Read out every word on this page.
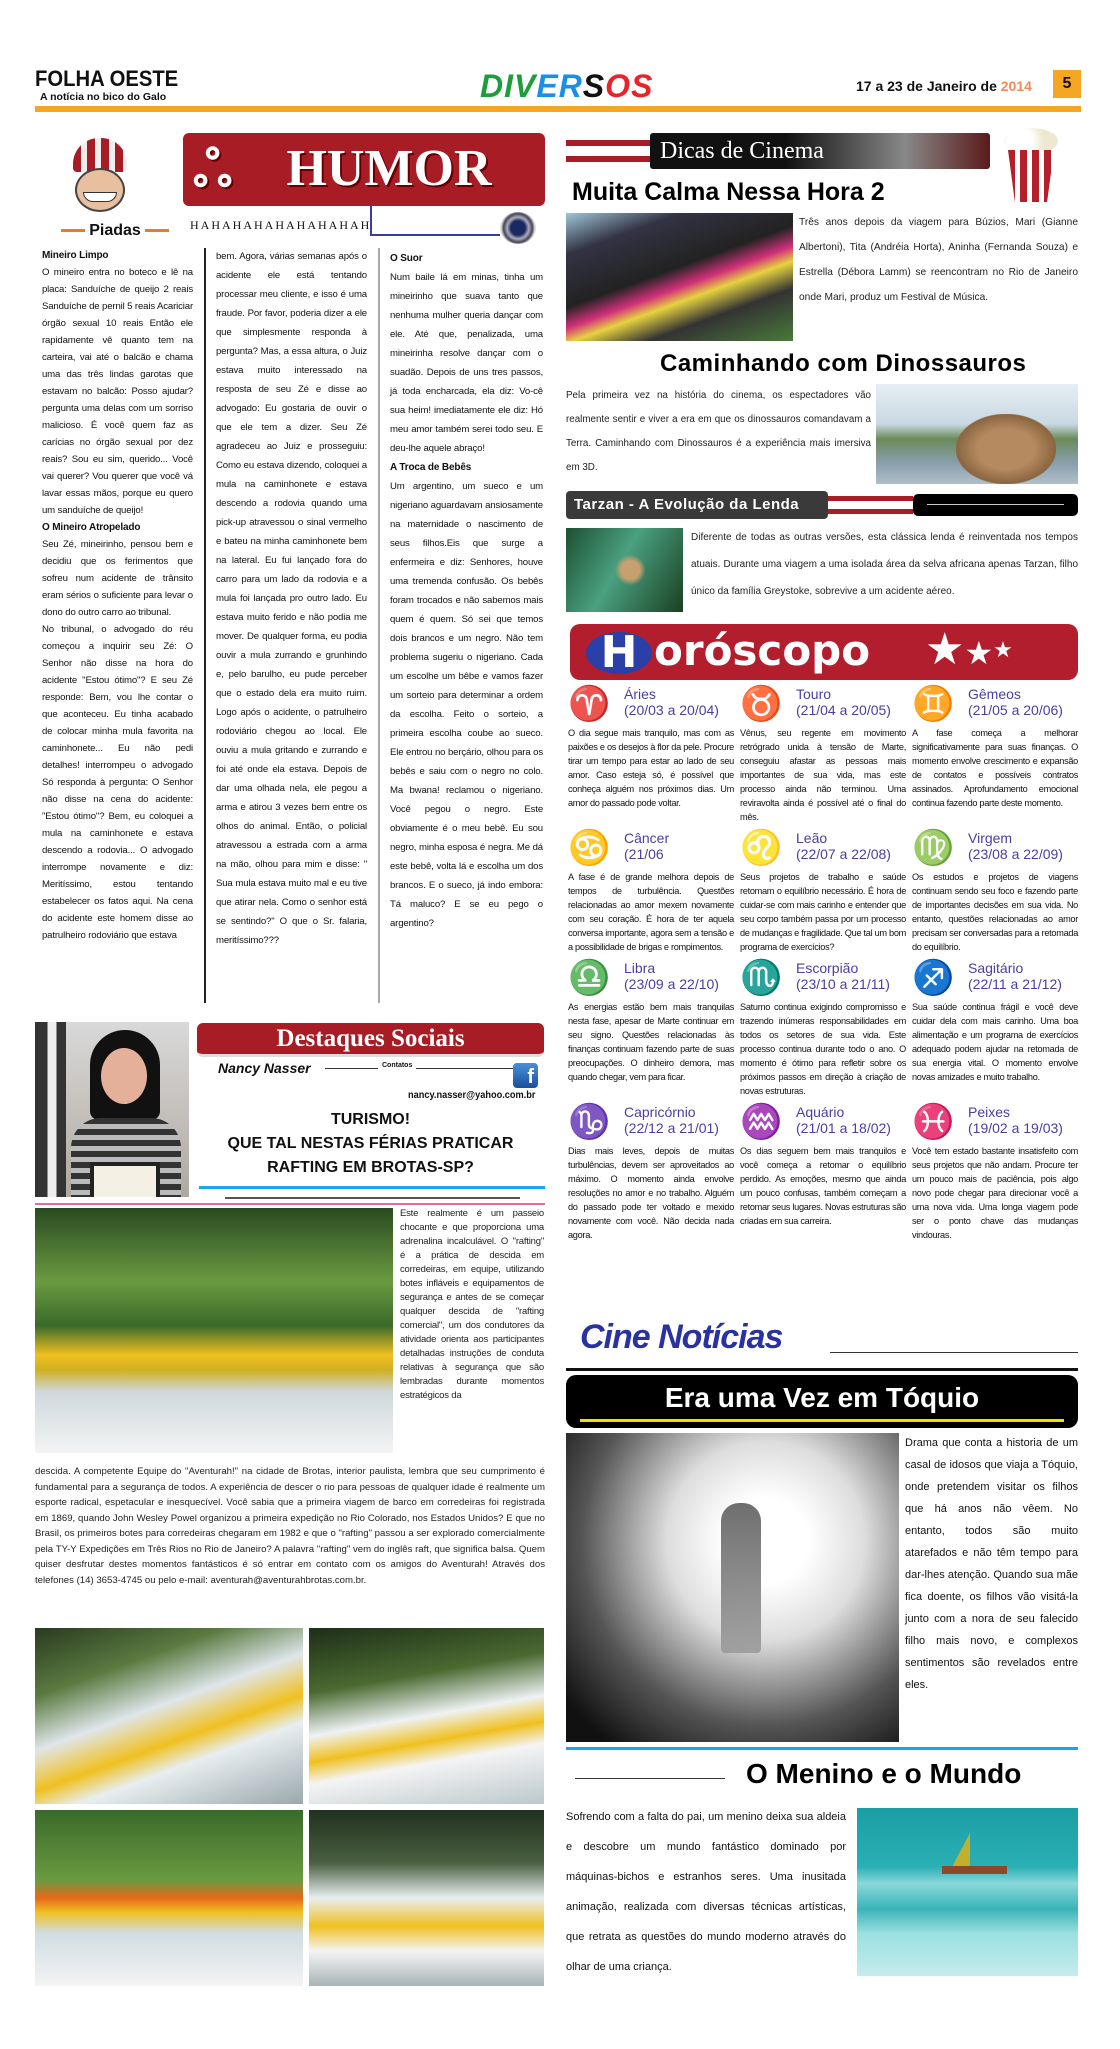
FOLHA OESTE
A notícia no bico do Galo	DIVERSOS	17 a 23 de Janeiro de 2014	5
Piadas
ஃ HUMOR
HAHAHAHAHAHAHAHAH
Mineiro Limpo

O mineiro entra no boteco e lê na placa: Sanduíche de queijo 2 reais Sanduíche de pernil 5 reais Acariciar órgão sexual 10 reais Então ele rapidamente vê quanto tem na carteira, vai até o balcão e chama uma das três lindas garotas que estavam no balcão: Posso ajudar? pergunta uma delas com um sorriso malicioso. É você quem faz as carícias no órgão sexual por dez reais? Sou eu sim, querido... Você vai querer? Vou querer que você vá lavar essas mãos, porque eu quero um sanduíche de queijo!

O Mineiro Atropelado

Seu Zé, mineirinho, pensou bem e decidiu que os ferimentos que sofreu num acidente de trânsito eram sérios o suficiente para levar o dono do outro carro ao tribunal.

No tribunal, o advogado do réu começou a inquirir seu Zé: O Senhor não disse na hora do acidente "Estou ótimo"? E seu Zé responde: Bem, vou lhe contar o que aconteceu. Eu tinha acabado de colocar minha mula favorita na caminhonete... Eu não pedi detalhes! interrompeu o advogado Só responda à pergunta: O Senhor não disse na cena do acidente: "Estou ótimo"? Bem, eu coloquei a mula na caminhonete e estava descendo a rodovia... O advogado interrompe novamente e diz: Meritíssimo, estou tentando estabelecer os fatos aqui. Na cena do acidente este homem disse ao patrulheiro rodoviário que estava

bem. Agora, várias semanas após o acidente ele está tentando processar meu cliente, e isso é uma fraude. Por favor, poderia dizer a ele que simplesmente responda à pergunta? Mas, a essa altura, o Juiz estava muito interessado na resposta de seu Zé e disse ao advogado: Eu gostaria de ouvir o que ele tem a dizer. Seu Zé agradeceu ao Juiz e prosseguiu: Como eu estava dizendo, coloquei a mula na caminhonete e estava descendo a rodovia quando uma pick-up atravessou o sinal vermelho e bateu na minha caminhonete bem na lateral. Eu fui lançado fora do carro para um lado da rodovia e a mula foi lançada pro outro lado. Eu estava muito ferido e não podia me mover. De qualquer forma, eu podia ouvir a mula zurrando e grunhindo e, pelo barulho, eu pude perceber que o estado dela era muito ruim. Logo após o acidente, o patrulheiro rodoviário chegou ao local. Ele ouviu a mula gritando e zurrando e foi até onde ela estava. Depois de dar uma olhada nela, ele pegou a arma e atirou 3 vezes bem entre os olhos do animal. Então, o policial atravessou a estrada com a arma na mão, olhou para mim e disse: " Sua mula estava muito mal e eu tive que atirar nela. Como o senhor está se sentindo?" O que o Sr. falaria, meritíssimo???

O Suor

Num baile lá em minas, tinha um mineirinho que suava tanto que nenhuma mulher queria dançar com ele. Até que, penalizada, uma mineirinha resolve dançar com o suadão. Depois de uns tres passos, já toda encharcada, ela diz: Vo-cê sua heim! imediatamente ele diz: Hó meu amor também serei todo seu. E deu-lhe aquele abraço!

A Troca de Bebês

Um argentino, um sueco e um nigeriano aguardavam ansiosamente na maternidade o nascimento de seus filhos.Eis que surge a enfermeira e diz: Senhores, houve uma tremenda confusão. Os bebês foram trocados e não sabemos mais quem é quem. Só sei que temos dois brancos e um negro. Não tem problema sugeriu o nigeriano. Cada um escolhe um bêbe e vamos fazer um sorteio para determinar a ordem da escolha. Feito o sorteio, a primeira escolha coube ao sueco. Ele entrou no berçário, olhou para os bebês e saiu com o negro no colo. Ma bwana! reclamou o nigeriano. Você pegou o negro. Este obviamente é o meu bebê. Eu sou negro, minha esposa é negra. Me dá este bebê, volta lá e escolha um dos brancos. E o sueco, já indo embora: Tá maluco? E se eu pego o argentino?

Dicas de Cinema
Muita Calma Nessa Hora 2
Três anos depois da viagem para Búzios, Mari (Gianne Albertoni), Tita (Andréia Horta), Aninha (Fernanda Souza) e Estrella (Débora Lamm) se reencontram no Rio de Janeiro onde Mari, produz um Festival de Música.
Caminhando com Dinossauros
Pela primeira vez na história do cinema, os espectadores vão realmente sentir e viver a era em que os dinossauros comandavam a Terra. Caminhando com Dinossauros é a experiência mais imersiva em 3D.
Tarzan - A Evolução da Lenda
Diferente de todas as outras versões, esta clássica lenda é reinventada nos tempos atuais. Durante uma viagem a uma isolada área da selva africana apenas Tarzan, filho único da família Greystoke, sobrevive a um acidente aéreo.
H oróscopo ★★★
♈ Áries
(20/03 a 20/04)
O dia segue mais tranquilo, mas com as paixões e os desejos à flor da pele. Procure tirar um tempo para estar ao lado de seu amor. Caso esteja só, é possível que conheça alguém nos próximos dias. Um amor do passado pode voltar.
♉ Touro
(21/04 a 20/05)
Vênus, seu regente em movimento retrógrado unida à tensão de Marte, conseguiu afastar as pessoas mais importantes de sua vida, mas este processo ainda não terminou. Uma reviravolta ainda é possível até o final do mês.
♊ Gêmeos
(21/05 a 20/06)
A fase começa a melhorar significativamente para suas finanças. O momento envolve crescimento e expansão de contatos e possíveis contratos assinados. Aprofundamento emocional continua fazendo parte deste momento.
♋ Câncer
(21/06
A fase é de grande melhora depois de tempos de turbulência. Questões relacionadas ao amor mexem novamente com seu coração. É hora de ter aquela conversa importante, agora sem a tensão e a possibilidade de brigas e rompimentos.
♌ Leão
(22/07 a 22/08)
Seus projetos de trabalho e saúde retomam o equilíbrio necessário. É hora de cuidar-se com mais carinho e entender que seu corpo também passa por um processo de mudanças e fragilidade. Que tal um bom programa de exercícios?
♍ Virgem
(23/08 a 22/09)
Os estudos e projetos de viagens continuam sendo seu foco e fazendo parte de importantes decisões em sua vida. No entanto, questões relacionadas ao amor precisam ser conversadas para a retomada do equilíbrio.
♎ Libra
(23/09 a 22/10)
As energias estão bem mais tranquilas nesta fase, apesar de Marte continuar em seu signo. Questões relacionadas às finanças continuam fazendo parte de suas preocupações. O dinheiro demora, mas quando chegar, vem para ficar.
♏ Escorpião
(23/10 a 21/11)
Saturno continua exigindo compromisso e trazendo inúmeras responsabilidades em todos os setores de sua vida. Este processo continua durante todo o ano. O momento é ótimo para refletir sobre os próximos passos em direção à criação de novas estruturas.
♐ Sagitário
(22/11 a 21/12)
Sua saúde continua frágil e você deve cuidar dela com mais carinho. Uma boa alimentação e um programa de exercícios adequado podem ajudar na retomada de sua energia vital. O momento envolve novas amizades e muito trabalho.
♑ Capricórnio
(22/12 a 21/01)
Dias mais leves, depois de muitas turbulências, devem ser aproveitados ao máximo. O momento ainda envolve resoluções no amor e no trabalho. Alguém do passado pode ter voltado e mexido novamente com você. Não decida nada agora.
♒ Aquário
(21/01 a 18/02)
Os dias seguem bem mais tranquilos e você começa a retomar o equilíbrio perdido. As emoções, mesmo que ainda um pouco confusas, também começam a retomar seus lugares. Novas estruturas são criadas em sua carreira.
♓ Peixes
(19/02 a 19/03)
Você tem estado bastante insatisfeito com seus projetos que não andam. Procure ter um pouco mais de paciência, pois algo novo pode chegar para direcionar você a uma nova vida. Uma longa viagem pode ser o ponto chave das mudanças vindouras.
Destaques Sociais
Nancy Nasser	Contatos
f
nancy.nasser@yahoo.com.br
TURISMO!
QUE TAL NESTAS FÉRIAS PRATICAR
RAFTING EM BROTAS-SP?
Este realmente é um passeio chocante e que proporciona uma adrenalina incalculável. O "rafting" é a prática de descida em corredeiras, em equipe, utilizando botes infláveis e equipamentos de segurança e antes de se começar qualquer descida de "rafting comercial", um dos condutores da atividade orienta aos participantes detalhadas instruções de conduta relativas à segurança que são lembradas durante momentos estratégicos da
descida. A competente Equipe do "Aventurah!" na cidade de Brotas, interior paulista, lembra que seu cumprimento é fundamental para a segurança de todos. A experiência de descer o rio para pessoas de qualquer idade é realmente um esporte radical, espetacular e inesquecível. Você sabia que a primeira viagem de barco em corredeiras foi registrada em 1869, quando John Wesley Powel organizou a primeira expedição no Rio Colorado, nos Estados Unidos? E que no Brasil, os primeiros botes para corredeiras chegaram em 1982 e que o "rafting" passou a ser explorado comercialmente pela TY-Y Expedições em Três Rios no Rio de Janeiro? A palavra "rafting" vem do inglês raft, que significa balsa. Quem quiser desfrutar destes momentos fantásticos é só entrar em contato com os amigos do Aventurah! Através dos telefones (14) 3653-4745 ou pelo e-mail: aventurah@aventurahbrotas.com.br.
Cine Notícias
Era uma Vez em Tóquio
Drama que conta a historia de um casal de idosos que viaja a Tóquio, onde pretendem visitar os filhos que há anos não vêem. No entanto, todos são muito atarefados e não têm tempo para dar-lhes atenção. Quando sua mãe fica doente, os filhos vão visitá-la junto com a nora de seu falecido filho mais novo, e complexos sentimentos são revelados entre eles.
O Menino e o Mundo
Sofrendo com a falta do pai, um menino deixa sua aldeia e descobre um mundo fantástico dominado por máquinas-bichos e estranhos seres. Uma inusitada animação, realizada com diversas técnicas artísticas, que retrata as questões do mundo moderno através do olhar de uma criança.
